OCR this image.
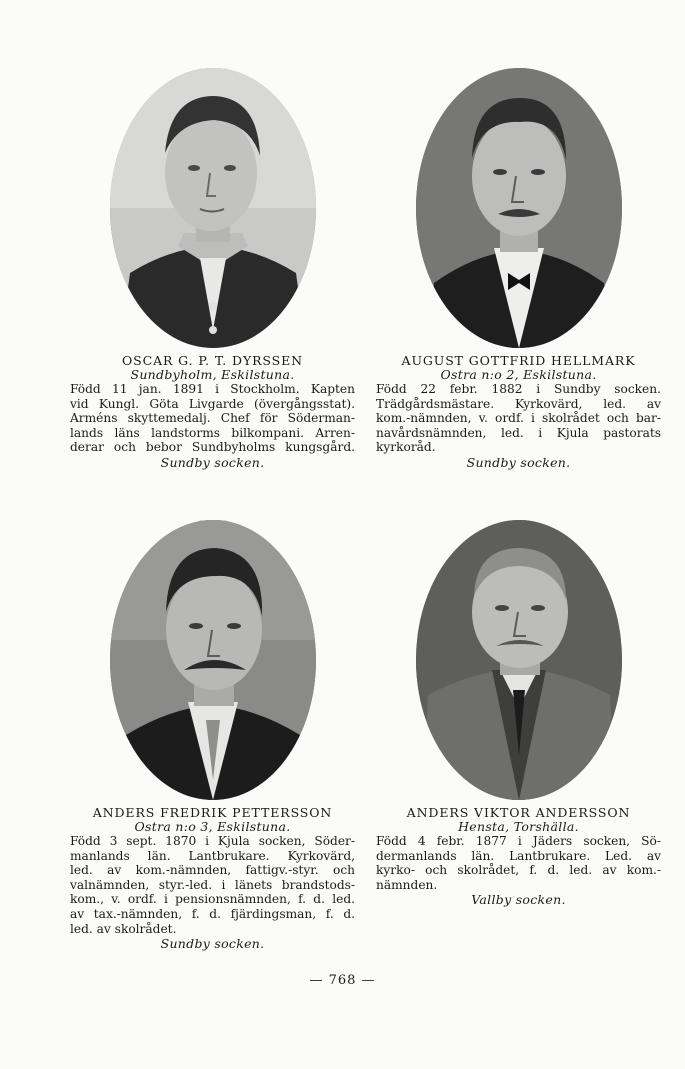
OSCAR G. P. T. DYRSSEN
Sundbyholm, Eskilstuna.
Född 11 jan. 1891 i Stockholm. Kapten
vid Kungl. Göta Livgarde (övergångsstat).
Arméns skyttemedalj. Chef för Söderman-
lands läns landstorms bilkompani. Arren-
derar och bebor Sundbyholms kungsgård.
Sundby socken.
AUGUST GOTTFRID HELLMARK
Ostra n:o 2, Eskilstuna.
Född 22 febr. 1882 i Sundby socken.
Trädgårdsmästare. Kyrkovärd, led. av
kom.-nämnden, v. ordf. i skolrådet och bar-
navårdsnämnden, led. i Kjula pastorats
kyrkoråd.
Sundby socken.
ANDERS FREDRIK PETTERSSON
Ostra n:o 3, Eskilstuna.
Född 3 sept. 1870 i Kjula socken, Söder-
manlands län. Lantbrukare. Kyrkovärd,
led. av kom.-nämnden, fattigv.-styr. och
valnämnden, styr.-led. i länets brandstods-
kom., v. ordf. i pensionsnämnden, f. d. led.
av tax.-nämnden, f. d. fjärdingsman, f. d.
led. av skolrådet.
Sundby socken.
ANDERS VIKTOR ANDERSSON
Hensta, Torshälla.
Född 4 febr. 1877 i Jäders socken, Sö-
dermanlands län. Lantbrukare. Led. av
kyrko- och skolrådet, f. d. led. av kom.-
nämnden.
Vallby socken.
— 768 —
